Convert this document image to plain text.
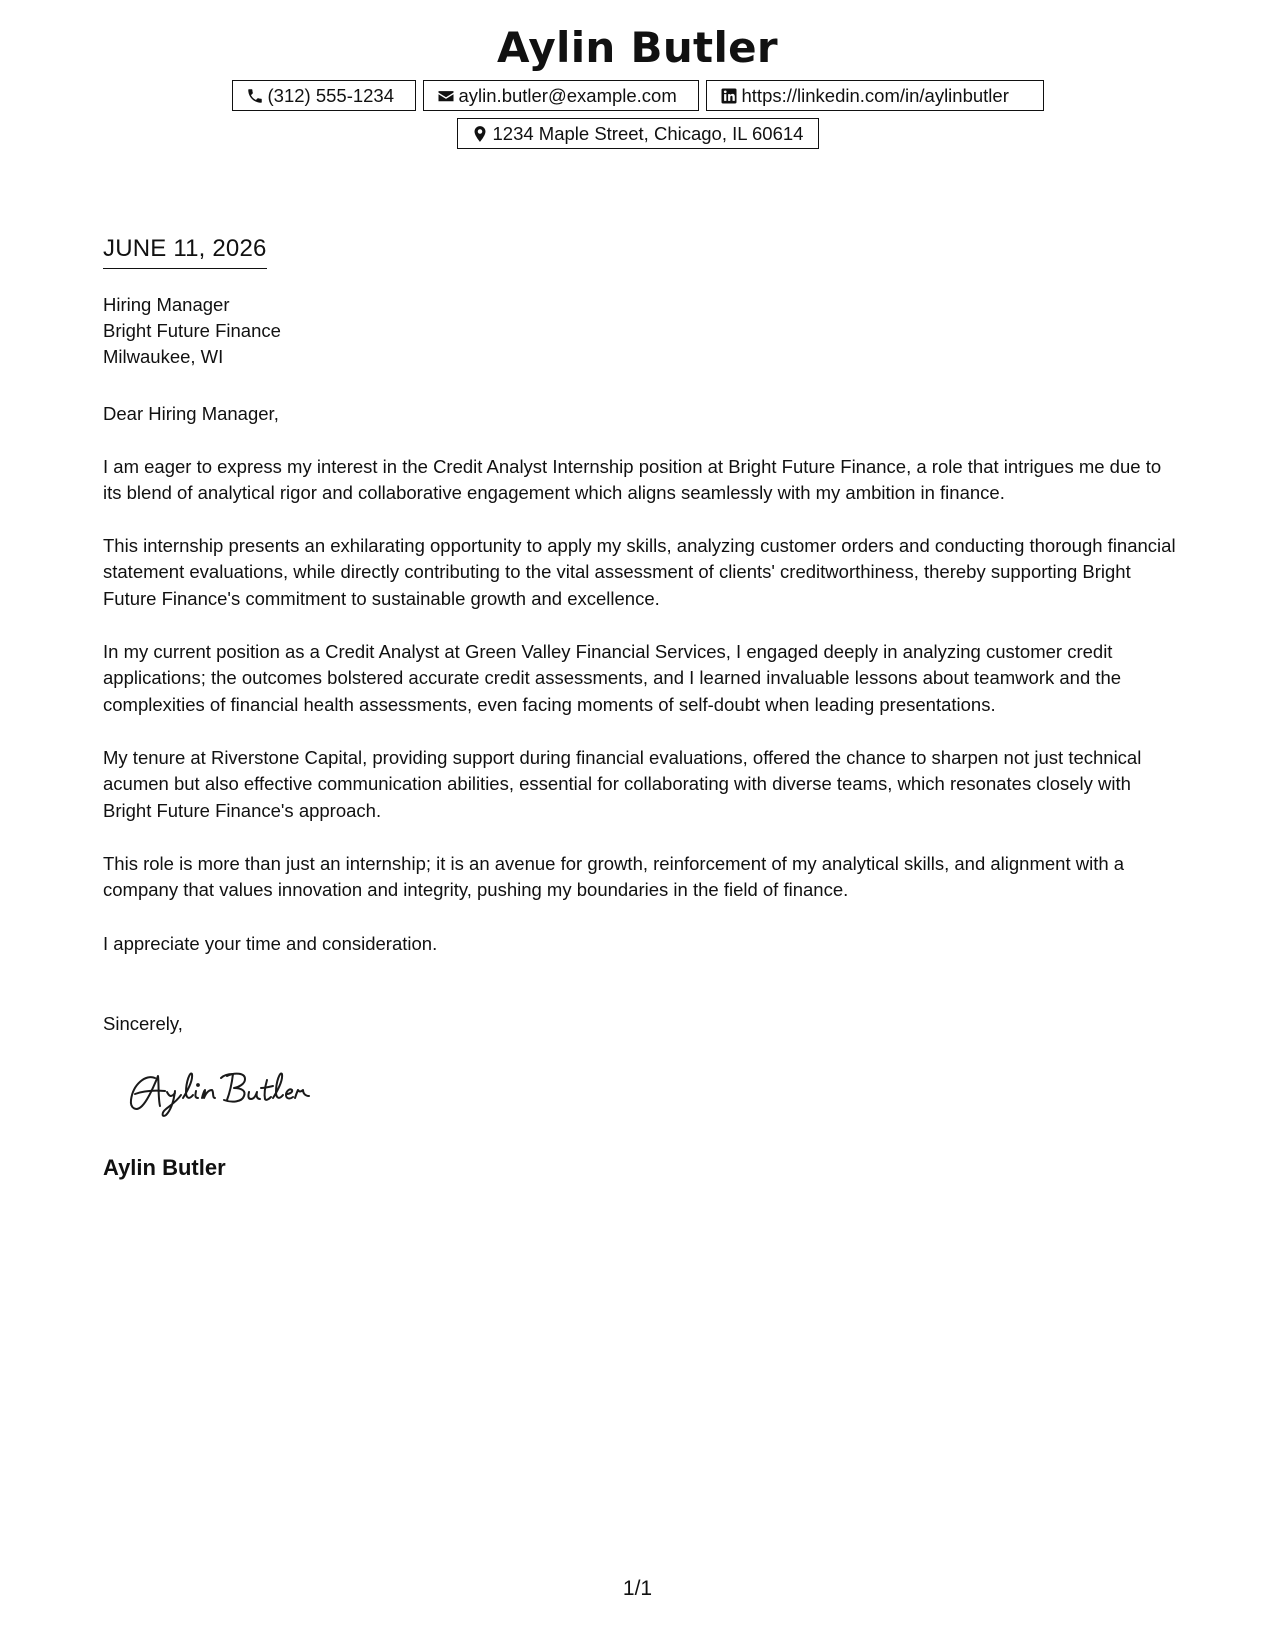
Aylin Butler
(312) 555-1234	aylin.butler@example.com	https://linkedin.com/in/aylinbutler
1234 Maple Street, Chicago, IL 60614
JUNE 11, 2026
Hiring Manager
Bright Future Finance
Milwaukee, WI

Dear Hiring Manager,

I am eager to express my interest in the Credit Analyst Internship position at Bright Future Finance, a role that intrigues me due to its blend of analytical rigor and collaborative engagement which aligns seamlessly with my ambition in finance.

This internship presents an exhilarating opportunity to apply my skills, analyzing customer orders and conducting thorough financial statement evaluations, while directly contributing to the vital assessment of clients' creditworthiness, thereby supporting Bright Future Finance's commitment to sustainable growth and excellence.

In my current position as a Credit Analyst at Green Valley Financial Services, I engaged deeply in analyzing customer credit applications; the outcomes bolstered accurate credit assessments, and I learned invaluable lessons about teamwork and the complexities of financial health assessments, even facing moments of self-doubt when leading presentations.

My tenure at Riverstone Capital, providing support during financial evaluations, offered the chance to sharpen not just technical acumen but also effective communication abilities, essential for collaborating with diverse teams, which resonates closely with Bright Future Finance's approach.

This role is more than just an internship; it is an avenue for growth, reinforcement of my analytical skills, and alignment with a company that values innovation and integrity, pushing my boundaries in the field of finance.

I appreciate your time and consideration.

Sincerely,

Aylin Butler
1/1
